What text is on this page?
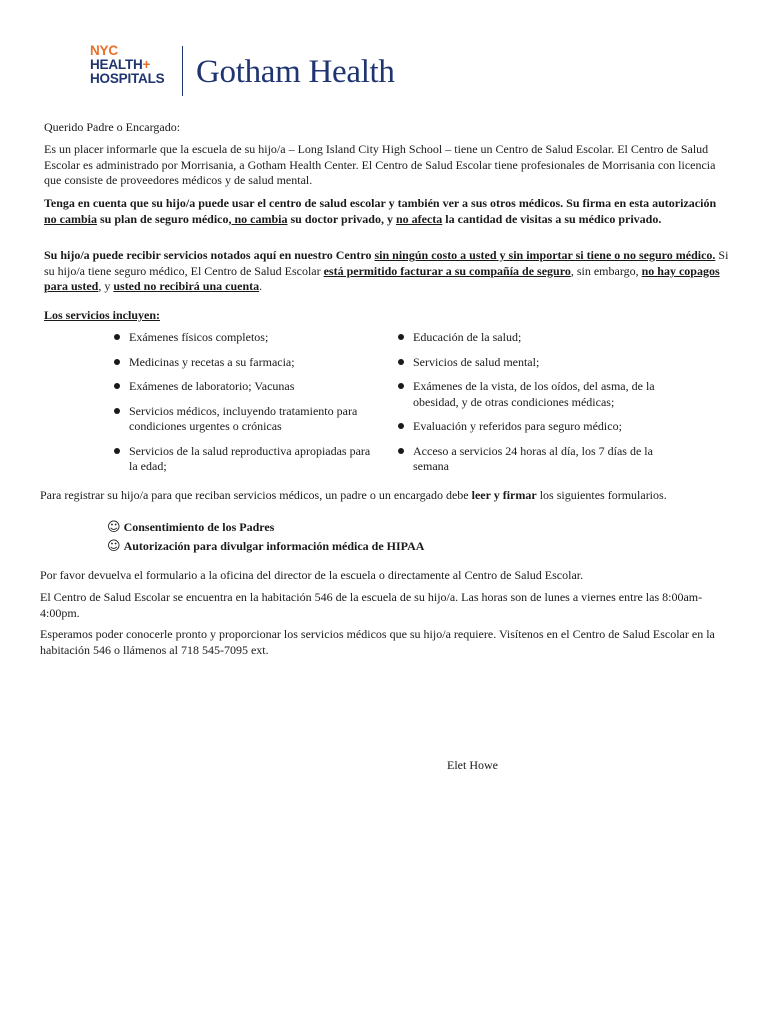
NYC
HEALTH+
HOSPITALS Gotham Health
Querido Padre o Encargado:
Es un placer informarle que la escuela de su hijo/a – Long Island City High School – tiene un Centro de Salud Escolar. El Centro de Salud Escolar es administrado por Morrisania, a Gotham Health Center. El Centro de Salud Escolar tiene profesionales de Morrisania con licencia que consiste de proveedores médicos y de salud mental.
Tenga en cuenta que su hijo/a puede usar el centro de salud escolar y también ver a sus otros médicos. Su firma en esta autorización no cambia su plan de seguro médico, no cambia su doctor privado, y no afecta la cantidad de visitas a su médico privado.
Su hijo/a puede recibir servicios notados aquí en nuestro Centro sin ningún costo a usted y sin importar si tiene o no seguro médico. Si su hijo/a tiene seguro médico, El Centro de Salud Escolar está permitido facturar a su compañía de seguro, sin embargo, no hay copagos para usted, y usted no recibirá una cuenta.
Los servicios incluyen:
Exámenes físicos completos;
Medicinas y recetas a su farmacia;
Exámenes de laboratorio; Vacunas
Servicios médicos, incluyendo tratamiento para condiciones urgentes o crónicas
Servicios de la salud reproductiva apropiadas para la edad;
Educación de la salud;
Servicios de salud mental;
Exámenes de la vista, de los oídos, del asma, de la obesidad, y de otras condiciones médicas;
Evaluación y referidos para seguro médico;
Acceso a servicios 24 horas al día, los 7 días de la semana
Para registrar su hijo/a para que reciban servicios médicos, un padre o un encargado debe leer y firmar los siguientes formularios.
☺ Consentimiento de los Padres
☺ Autorización para divulgar información médica de HIPAA
Por favor devuelva el formulario a la oficina del director de la escuela o directamente al Centro de Salud Escolar.
El Centro de Salud Escolar se encuentra en la habitación 546 de la escuela de su hijo/a. Las horas son de lunes a viernes entre las 8:00am-4:00pm.
Esperamos poder conocerle pronto y proporcionar los servicios médicos que su hijo/a requiere. Visítenos en el Centro de Salud Escolar en la habitación 546 o llámenos al 718 545-7095 ext.
Elet Howe
